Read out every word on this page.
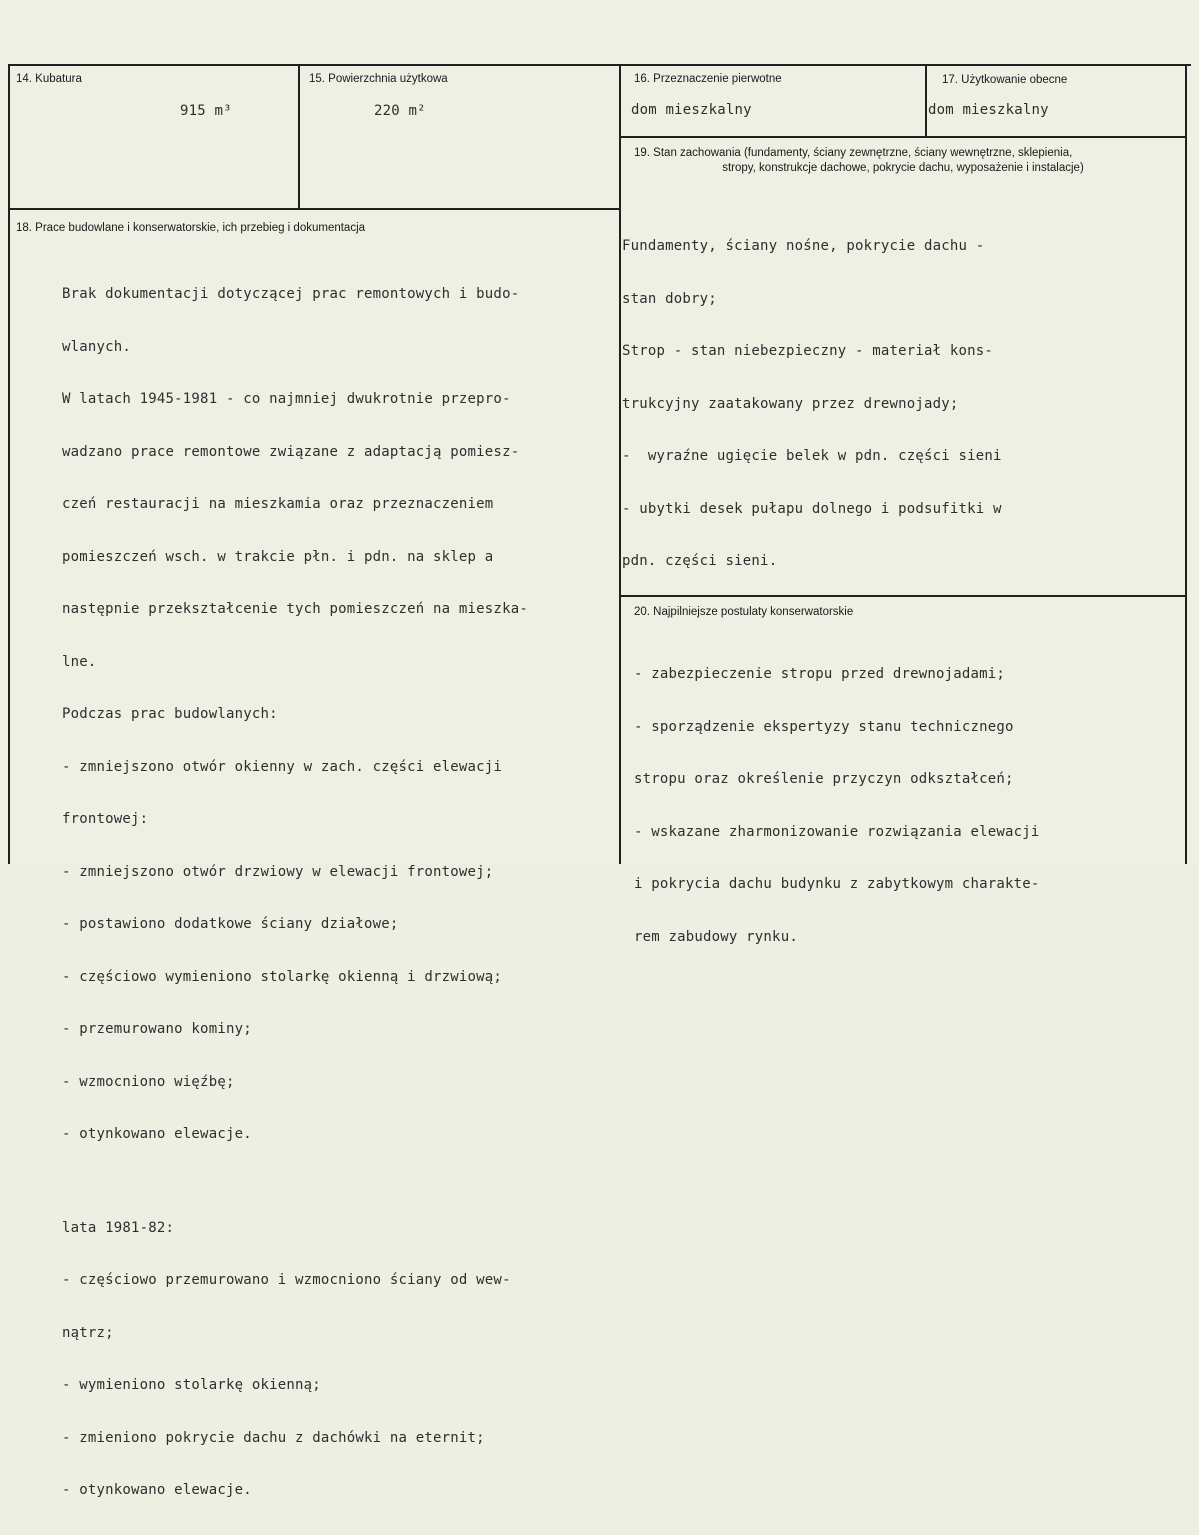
14. Kubatura
915 m³
15. Powierzchnia użytkowa
220 m²
16. Przeznaczenie pierwotne
dom mieszkalny
17. Użytkowanie obecne
dom mieszkalny
19. Stan zachowania (fundamenty, ściany zewnętrzne, ściany wewnętrzne, sklepienia,
stropy, konstrukcje dachowe, pokrycie dachu, wyposażenie i instalacje)

Fundamenty, ściany nośne, pokrycie dachu -

stan dobry;

Strop - stan niebezpieczny - materiał kons-

trukcyjny zaatakowany przez drewnojady;

-  wyraźne ugięcie belek w pdn. części sieni

- ubytki desek pułapu dolnego i podsufitki w

pdn. części sieni.

18. Prace budowlane i konserwatorskie, ich przebieg i dokumentacja

Brak dokumentacji dotyczącej prac remontowych i budo-

wlanych.

W latach 1945-1981 - co najmniej dwukrotnie przepro-

wadzano prace remontowe związane z adaptacją pomiesz-

czeń restauracji na mieszkamia oraz przeznaczeniem

pomieszczeń wsch. w trakcie płn. i pdn. na sklep a

następnie przekształcenie tych pomieszczeń na mieszka-

lne.

Podczas prac budowlanych:

- zmniejszono otwór okienny w zach. części elewacji

frontowej:

- zmniejszono otwór drzwiowy w elewacji frontowej;

- postawiono dodatkowe ściany działowe;

- częściowo wymieniono stolarkę okienną i drzwiową;

- przemurowano kominy;

- wzmocniono więźbę;

- otynkowano elewacje.

lata 1981-82:

- częściowo przemurowano i wzmocniono ściany od wew-

nątrz;

- wymieniono stolarkę okienną;

- zmieniono pokrycie dachu z dachówki na eternit;

- otynkowano elewacje.

20. Najpilniejsze postulaty konserwatorskie

- zabezpieczenie stropu przed drewnojadami;

- sporządzenie ekspertyzy stanu technicznego

stropu oraz określenie przyczyn odkształceń;

- wskazane zharmonizowanie rozwiązania elewacji

i pokrycia dachu budynku z zabytkowym charakte-

rem zabudowy rynku.
